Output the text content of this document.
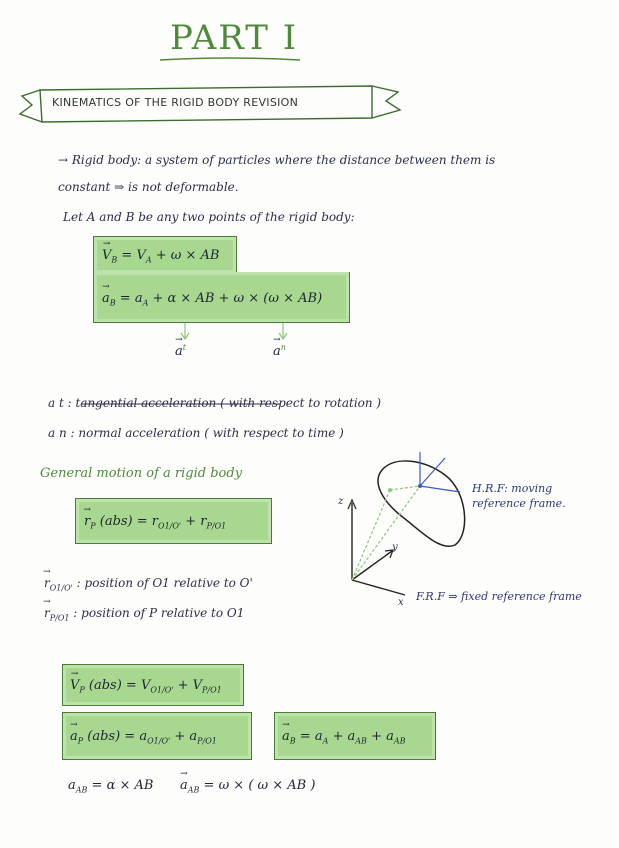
PART I
KINEMATICS OF THE RIGID BODY REVISION
→ Rigid body: a system of particles where the distance between them is
constant ⇒ is not deformable.
Let A and B be any two points of the rigid body:
→ $V_B = V_A + \omega$ × AB
→ $a_B = a_A + \alpha$ × AB + ω × (ω × AB)
→ $a^t$	→ $a^n$
a t : tangential acceleration ( with respect to rotation )
a n : normal acceleration ( with respect to time )
General motion of a rigid body
→ $r_P$ $(abs) = r_{O1/O'} + r_{P/O1}$
→ $r_{O1/O'}$ : position of O1 relative to O'
→ $r_{P/O1}$ : position of P relative to O1
→ $V_P$ $(abs) = V_{O1/O'} + V_{P/O1}$
→ $a_P$ $(abs) = a_{O1/O'} + a_{P/O1}$	→ $a_B = a_A + a_{AB} + a_{AB}$
$a_{AB} = \alpha$ × AB → $a_{AB} = \omega$ × ( ω × AB )
H.R.F: moving reference frame.
F.R.F ⇒ fixed reference frame
y
x
z
